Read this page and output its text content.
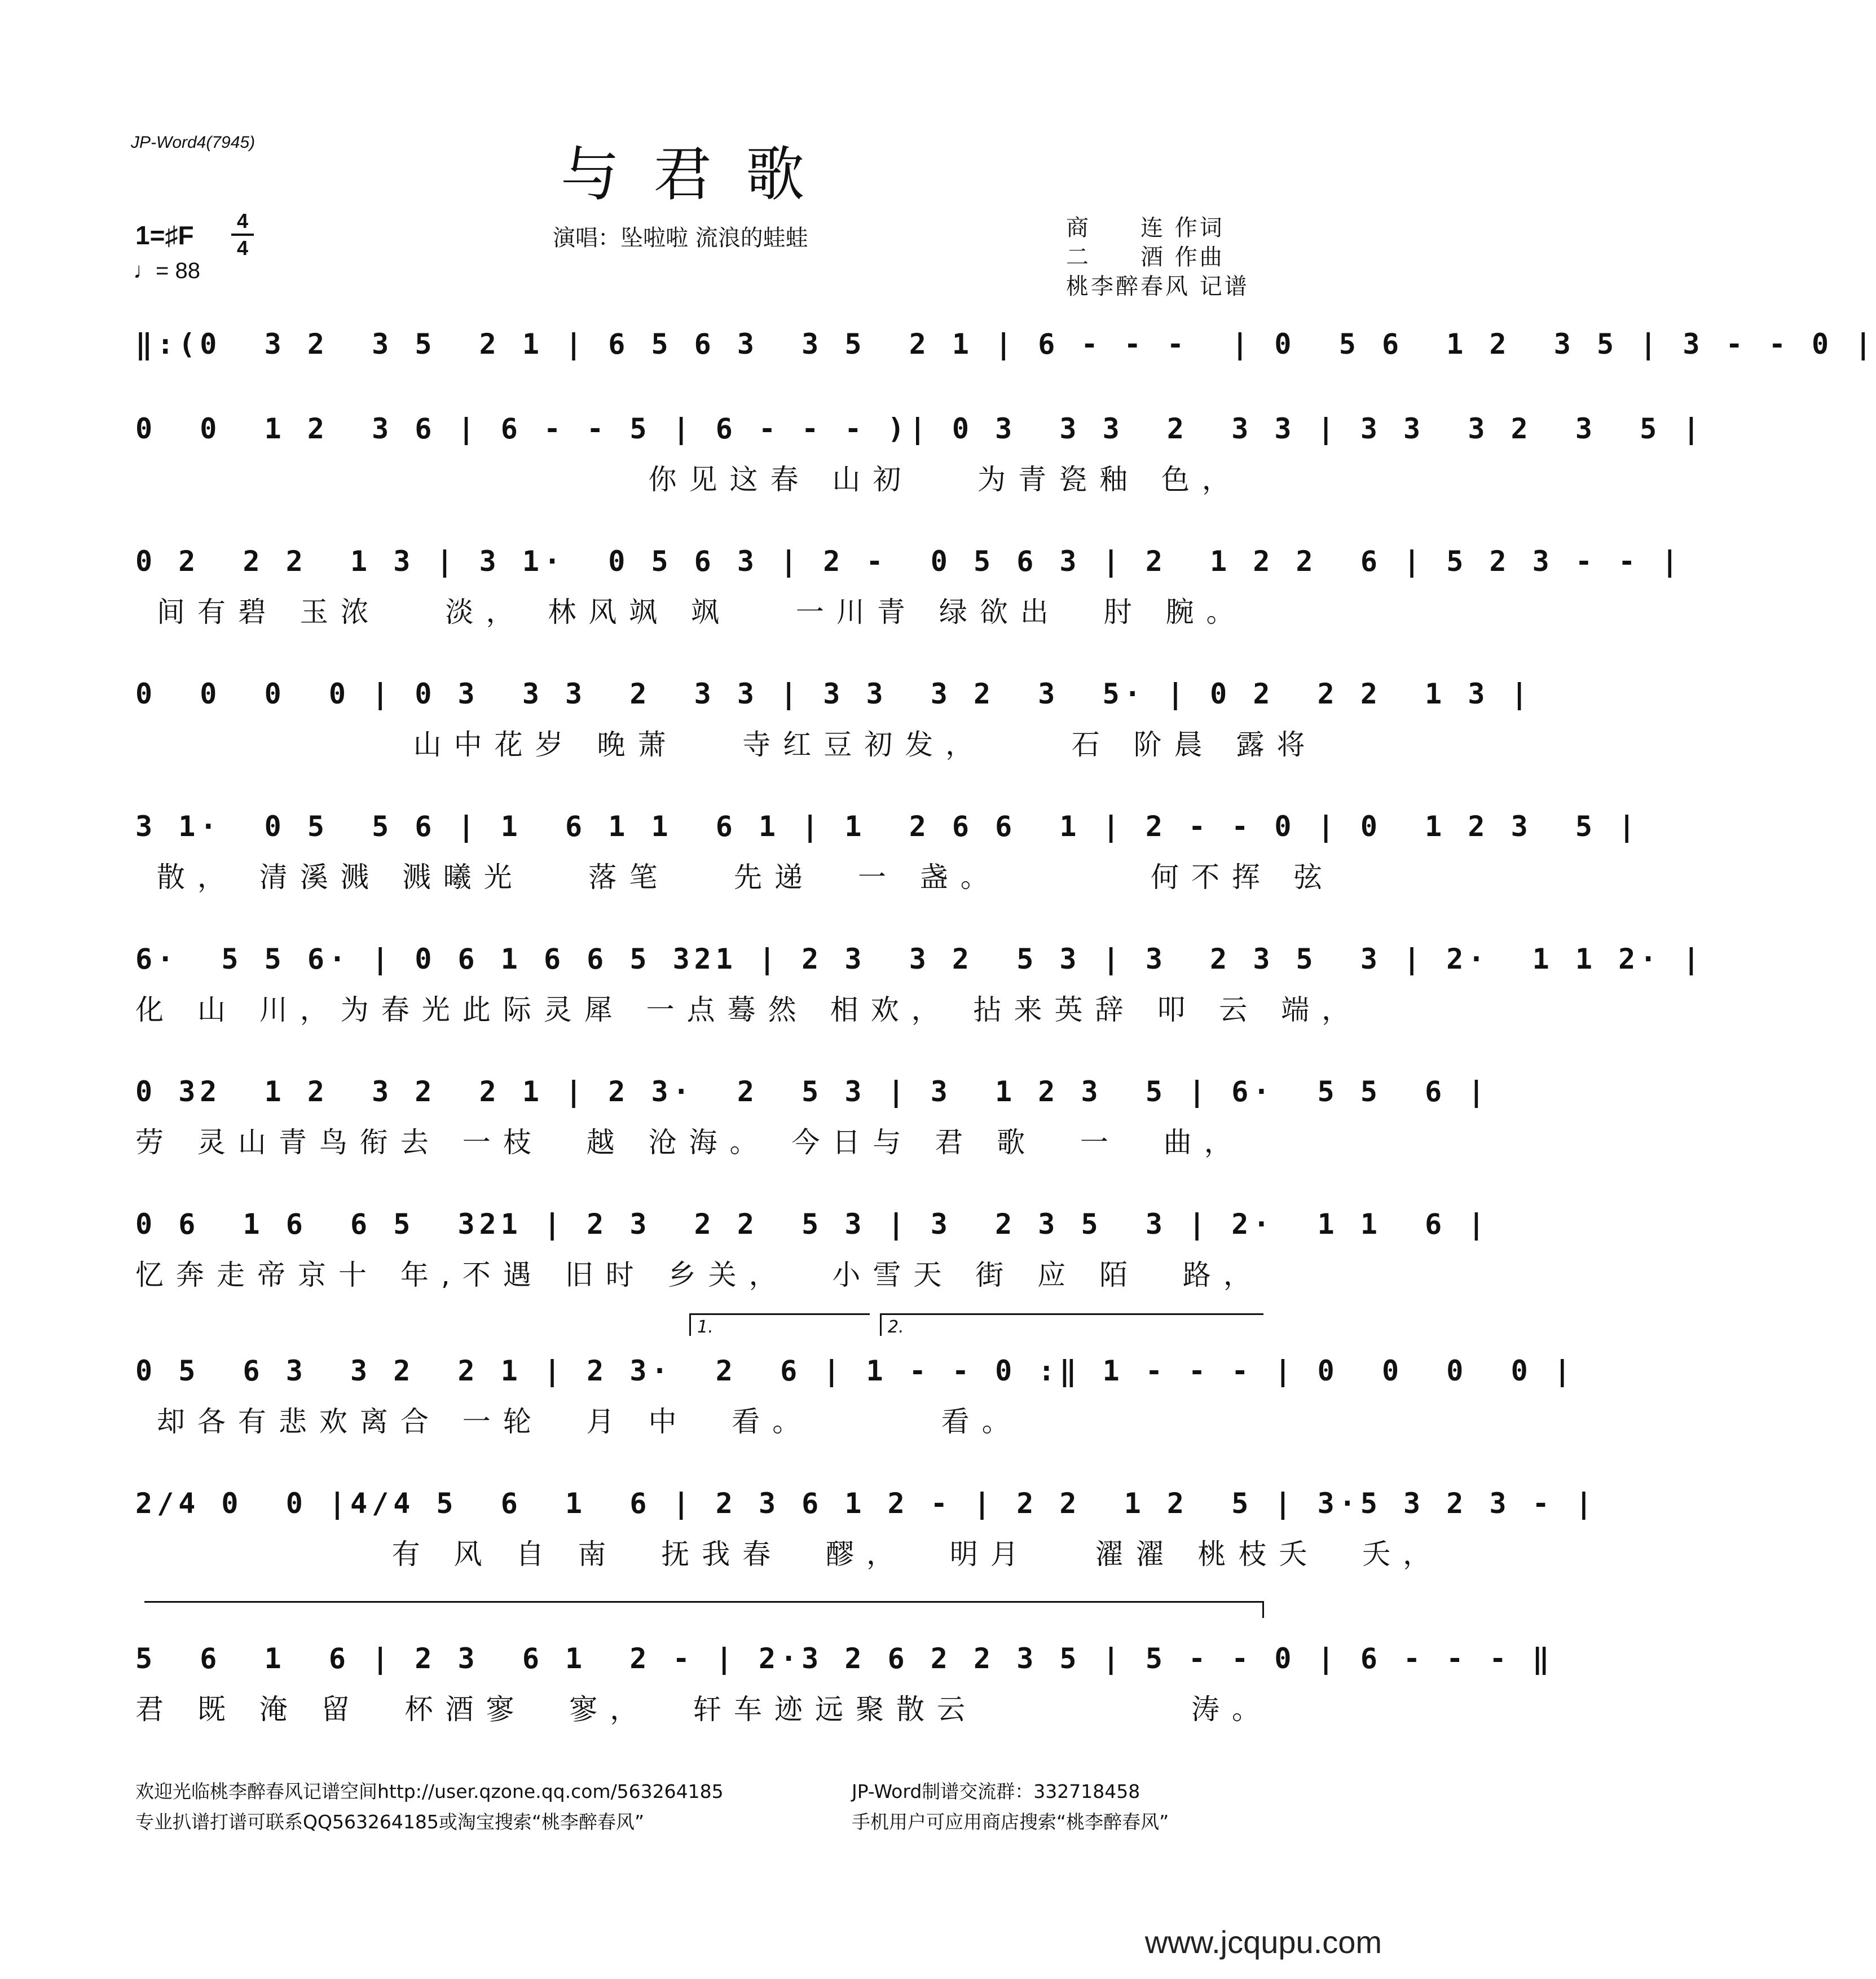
JP-Word4(7945)	与君歌
演唱：坠啦啦 流浪的蛙蛙	商　　连 作词
二　　酒 作曲
桃李醉春风 记谱
1=♯F 4
4
♩= 88
‖:(0  3 2  3 5  2 1 | 6 5 6 3  3 5  2 1 | 6 - - -  | 0  5 6  1 2  3 5 | 3 - - 0 |
0  0  1 2  3 6 | 6 - - 5 | 6 - - - )| 0 3  3 3  2  3 3 | 3 3  3 2  3  5 |
你见这春 山初   为青瓷釉 色，
0 2  2 2  1 3 | 3 1·  0 5 6 3 | 2 -  0 5 6 3 | 2  1 2 2  6 | 5 2 3 - - |
间有碧 玉浓   淡， 林风飒 飒   一川青 绿欲出  肘 腕。
0  0  0  0 | 0 3  3 3  2  3 3 | 3 3  3 2  3  5· | 0 2  2 2  1 3 |
山中花岁 晚萧   寺红豆初发，    石 阶晨 露将
3 1·  0 5  5 6 | 1  6 1 1  6 1 | 1  2 6 6  1 | 2 - - 0 | 0  1 2 3  5 |
散， 清溪溅 溅曦光   落笔   先递  一 盏。       何不挥 弦
6·  5 5 6· | 0 6 1 6 6 5 321 | 2 3  3 2  5 3 | 3  2 3 5  3 | 2·  1 1 2· |
化 山 川，为春光此际灵犀 一点蓦然 相欢， 拈来英辞 叩 云 端，
0 32  1 2  3 2  2 1 | 2 3·  2  5 3 | 3  1 2 3  5 | 6·  5 5  6 |
劳 灵山青鸟衔去 一枝  越 沧海。 今日与 君 歌  一  曲，
0 6  1 6  6 5  321 | 2 3  2 2  5 3 | 3  2 3 5  3 | 2·  1 1  6 |
忆奔走帝京十 年,不遇 旧时 乡关，  小雪天 街 应 陌  路，
1.	2.
0 5  6 3  3 2  2 1 | 2 3·  2  6 | 1 - - 0 :‖ 1 - - - | 0  0  0  0 |
却各有悲欢离合 一轮  月 中  看。      看。
2/4 0  0 |4/4 5  6  1  6 | 2 3 6 1 2 - | 2 2  1 2  5 | 3·5 3 2 3 - |
有 风 自 南  抚我春  醪，  明月   濯濯 桃枝夭  夭，
5  6  1  6 | 2 3  6 1  2 - | 2·3 2 6 2 2 3 5 | 5 - - 0 | 6 - - - ‖
君 既 淹 留  杯酒寥  寥，  轩车迹远聚散云          涛。
欢迎光临桃李醉春风记谱空间http://user.qzone.qq.com/563264185	JP-Word制谱交流群：332718458
专业扒谱打谱可联系QQ563264185或淘宝搜索“桃李醉春风”	手机用户可应用商店搜索“桃李醉春风”
www.jcqupu.com
